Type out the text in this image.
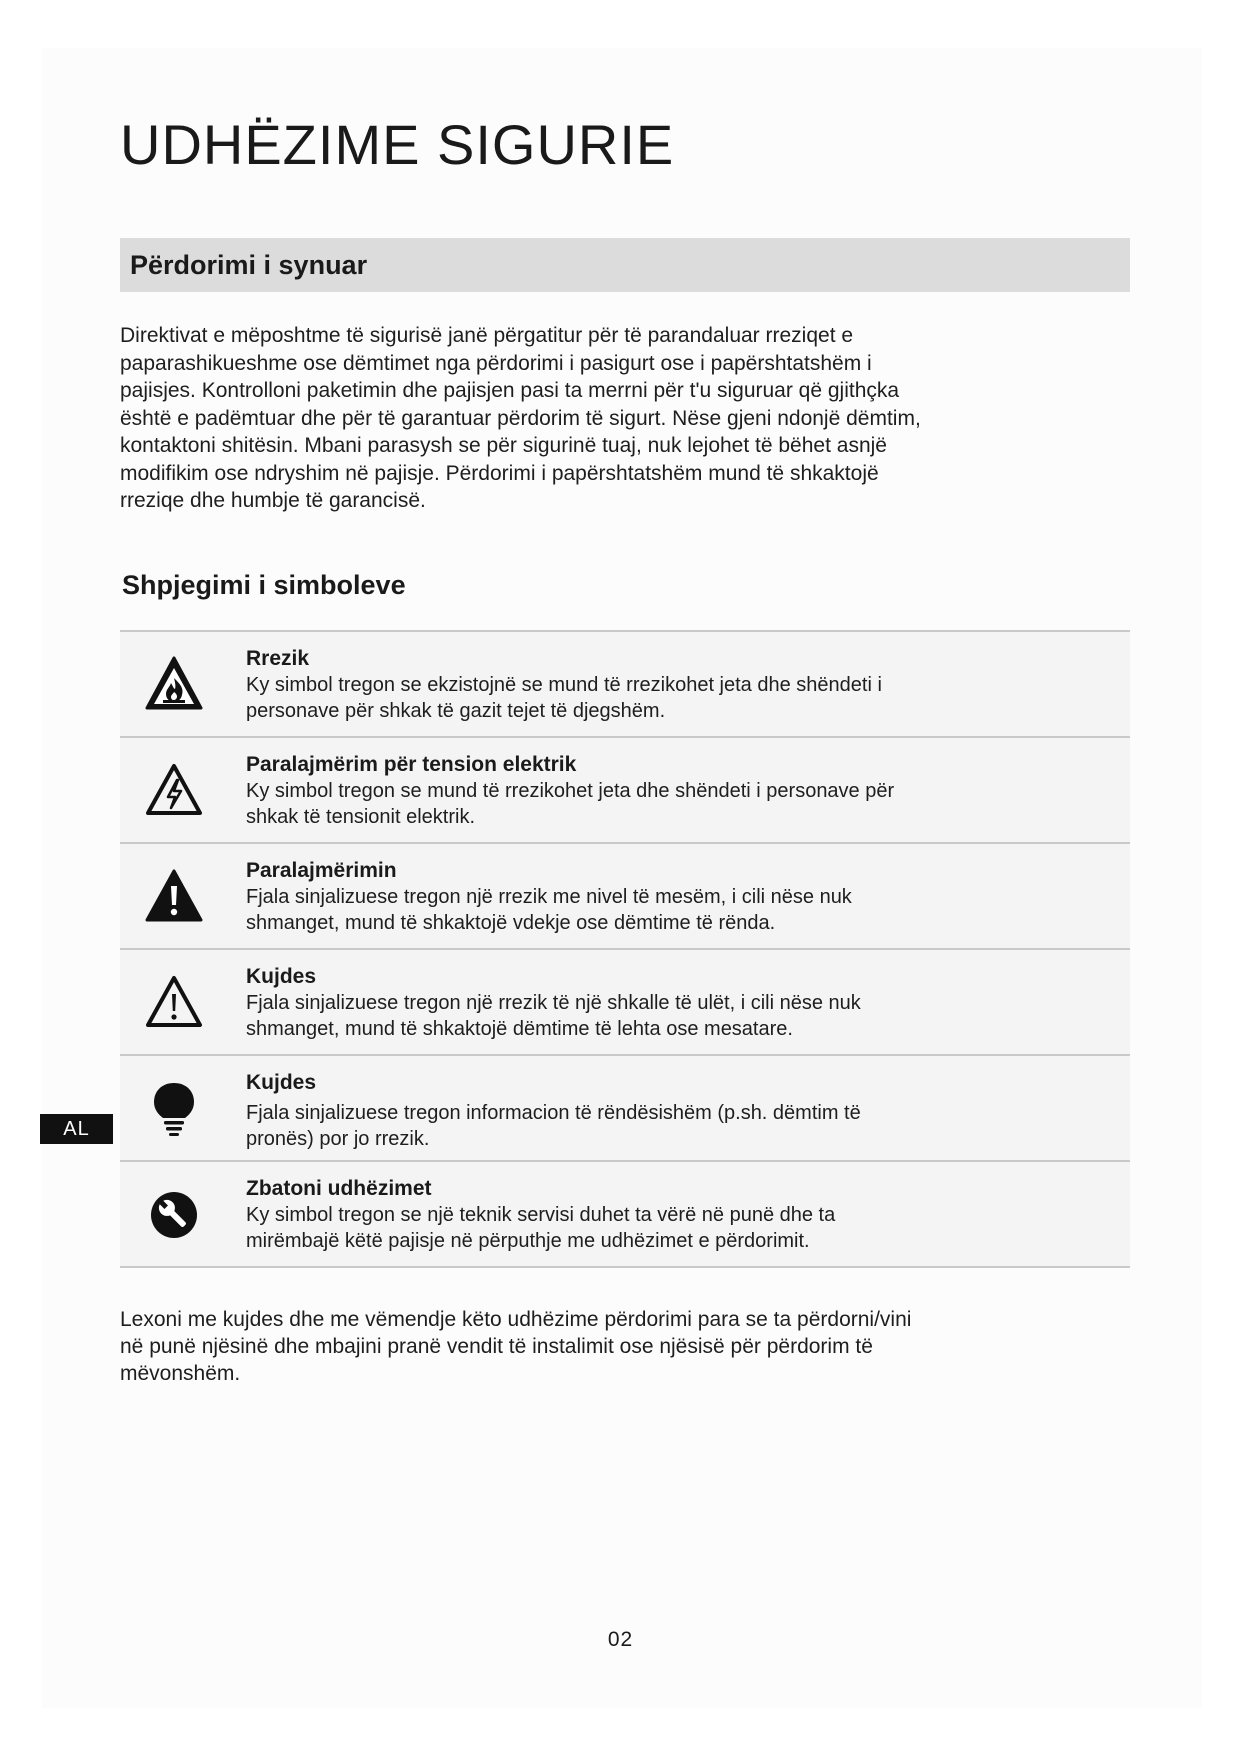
UDHËZIME SIGURIE
Përdorimi i synuar

Direktivat e mëposhtme të sigurisë janë përgatitur për të parandaluar rreziqet e
paparashikueshme ose dëmtimet nga përdorimi i pasigurt ose i papërshtatshëm i
pajisjes. Kontrolloni paketimin dhe pajisjen pasi ta merrni për t'u siguruar që gjithçka
është e padëmtuar dhe për të garantuar përdorim të sigurt. Nëse gjeni ndonjë dëmtim,
kontaktoni shitësin. Mbani parasysh se për sigurinë tuaj, nuk lejohet të bëhet asnjë
modifikim ose ndryshim në pajisje. Përdorimi i papërshtatshëm mund të shkaktojë
rreziqe dhe humbje të garancisë.

Shpjegimi i simboleve
Rrezik
Ky simbol tregon se ekzistojnë se mund të rrezikohet jeta dhe shëndeti i
personave për shkak të gazit tejet të djegshëm.
Paralajmërim për tension elektrik
Ky simbol tregon se mund të rrezikohet jeta dhe shëndeti i personave për
shkak të tensionit elektrik.
Paralajmërimin
Fjala sinjalizuese tregon një rrezik me nivel të mesëm, i cili nëse nuk
shmanget, mund të shkaktojë vdekje ose dëmtime të rënda.
Kujdes
Fjala sinjalizuese tregon një rrezik të një shkalle të ulët, i cili nëse nuk
shmanget, mund të shkaktojë dëmtime të lehta ose mesatare.
Kujdes
Fjala sinjalizuese tregon informacion të rëndësishëm (p.sh. dëmtim të
pronës) por jo rrezik.
Zbatoni udhëzimet
Ky simbol tregon se një teknik servisi duhet ta vërë në punë dhe ta
mirëmbajë këtë pajisje në përputhje me udhëzimet e përdorimit.

Lexoni me kujdes dhe me vëmendje këto udhëzime përdorimi para se ta përdorni/vini
në punë njësinë dhe mbajini pranë vendit të instalimit ose njësisë për përdorim të
mëvonshëm.

AL
02
